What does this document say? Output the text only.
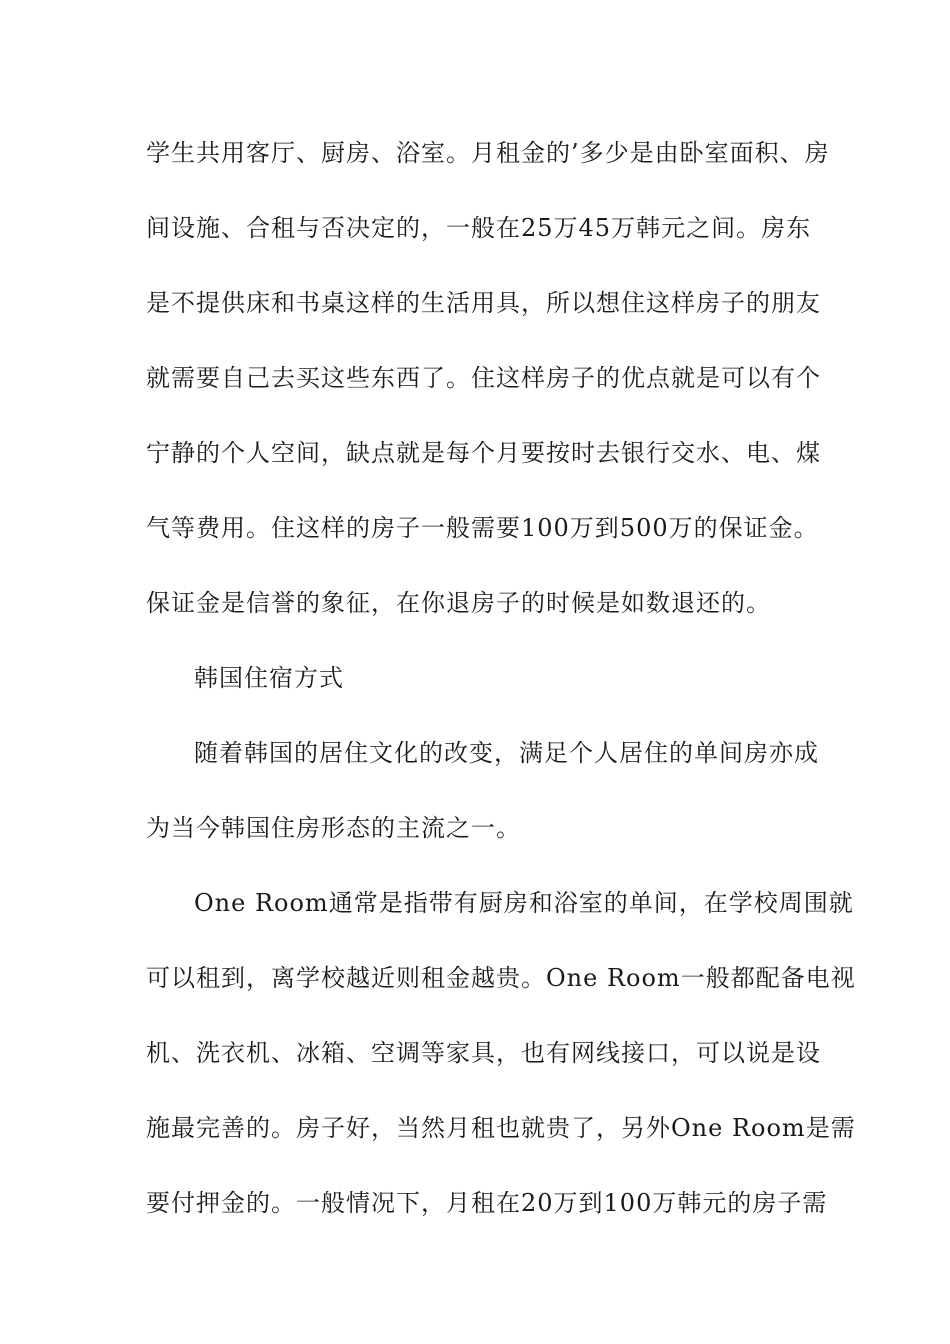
学生共用客厅、厨房、浴室。月租金的’多少是由卧室面积、房
间设施、合租与否决定的，一般在25万45万韩元之间。房东
是不提供床和书桌这样的生活用具，所以想住这样房子的朋友
就需要自己去买这些东西了。住这样房子的优点就是可以有个
宁静的个人空间，缺点就是每个月要按时去银行交水、电、煤
气等费用。住这样的房子一般需要100万到500万的保证金。
保证金是信誉的象征，在你退房子的时候是如数退还的。
韩国住宿方式
随着韩国的居住文化的改变，满足个人居住的单间房亦成
为当今韩国住房形态的主流之一。
One Room通常是指带有厨房和浴室的单间，在学校周围就
可以租到，离学校越近则租金越贵。One Room一般都配备电视
机、洗衣机、冰箱、空调等家具，也有网线接口，可以说是设
施最完善的。房子好，当然月租也就贵了，另外One Room是需
要付押金的。一般情况下，月租在20万到100万韩元的房子需
